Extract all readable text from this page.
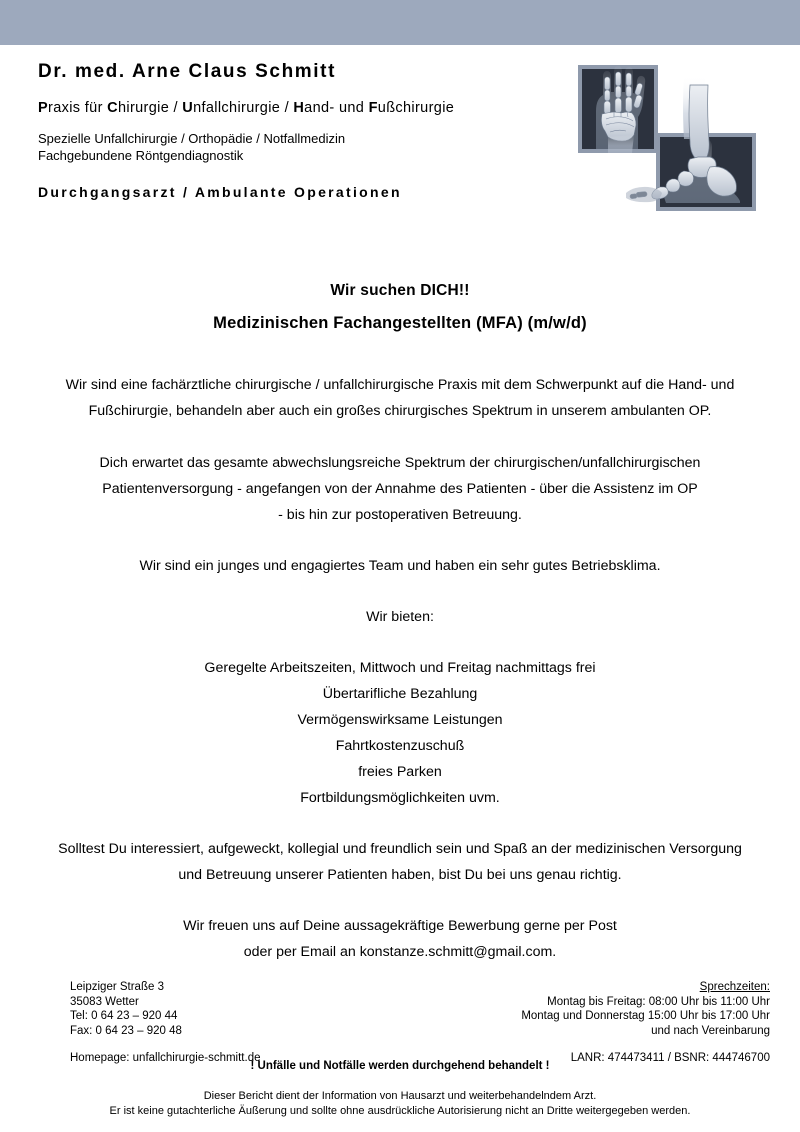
Dr. med. Arne Claus Schmitt
Praxis für Chirurgie / Unfallchirurgie / Hand- und Fußchirurgie
Spezielle Unfallchirurgie / Orthopädie / Notfallmedizin
Fachgebundene Röntgendiagnostik
Durchgangsarzt / Ambulante Operationen
Wir suchen DICH!!
Medizinischen Fachangestellten (MFA) (m/w/d)
Wir sind eine fachärztliche chirurgische / unfallchirurgische Praxis mit dem Schwerpunkt auf die Hand- und
Fußchirurgie, behandeln aber auch ein großes chirurgisches Spektrum in unserem ambulanten OP.
Dich erwartet das gesamte abwechslungsreiche Spektrum der chirurgischen/unfallchirurgischen
Patientenversorgung - angefangen von der Annahme des Patienten - über die Assistenz im OP
- bis hin zur postoperativen Betreuung.
Wir sind ein junges und engagiertes Team und haben ein sehr gutes Betriebsklima.
Wir bieten:
Geregelte Arbeitszeiten, Mittwoch und Freitag nachmittags frei
Übertarifliche Bezahlung
Vermögenswirksame Leistungen
Fahrtkostenzuschuß
freies Parken
Fortbildungsmöglichkeiten uvm.
Solltest Du interessiert, aufgeweckt, kollegial und freundlich sein und Spaß an der medizinischen Versorgung
und Betreuung unserer Patienten haben, bist Du bei uns genau richtig.
Wir freuen uns auf Deine aussagekräftige Bewerbung gerne per Post
oder per Email an konstanze.schmitt@gmail.com.
Leipziger Straße 3
35083 Wetter
Tel: 0 64 23 – 920 44
Fax: 0 64 23 – 920 48
Homepage: unfallchirurgie-schmitt.de
Sprechzeiten:
Montag bis Freitag: 08:00 Uhr bis 11:00 Uhr
Montag und Donnerstag 15:00 Uhr bis 17:00 Uhr
und nach Vereinbarung
LANR: 474473411 / BSNR: 444746700
! Unfälle und Notfälle werden durchgehend behandelt !
Dieser Bericht dient der Information von Hausarzt und weiterbehandelndem Arzt.
Er ist keine gutachterliche Äußerung und sollte ohne ausdrückliche Autorisierung nicht an Dritte weitergegeben werden.
